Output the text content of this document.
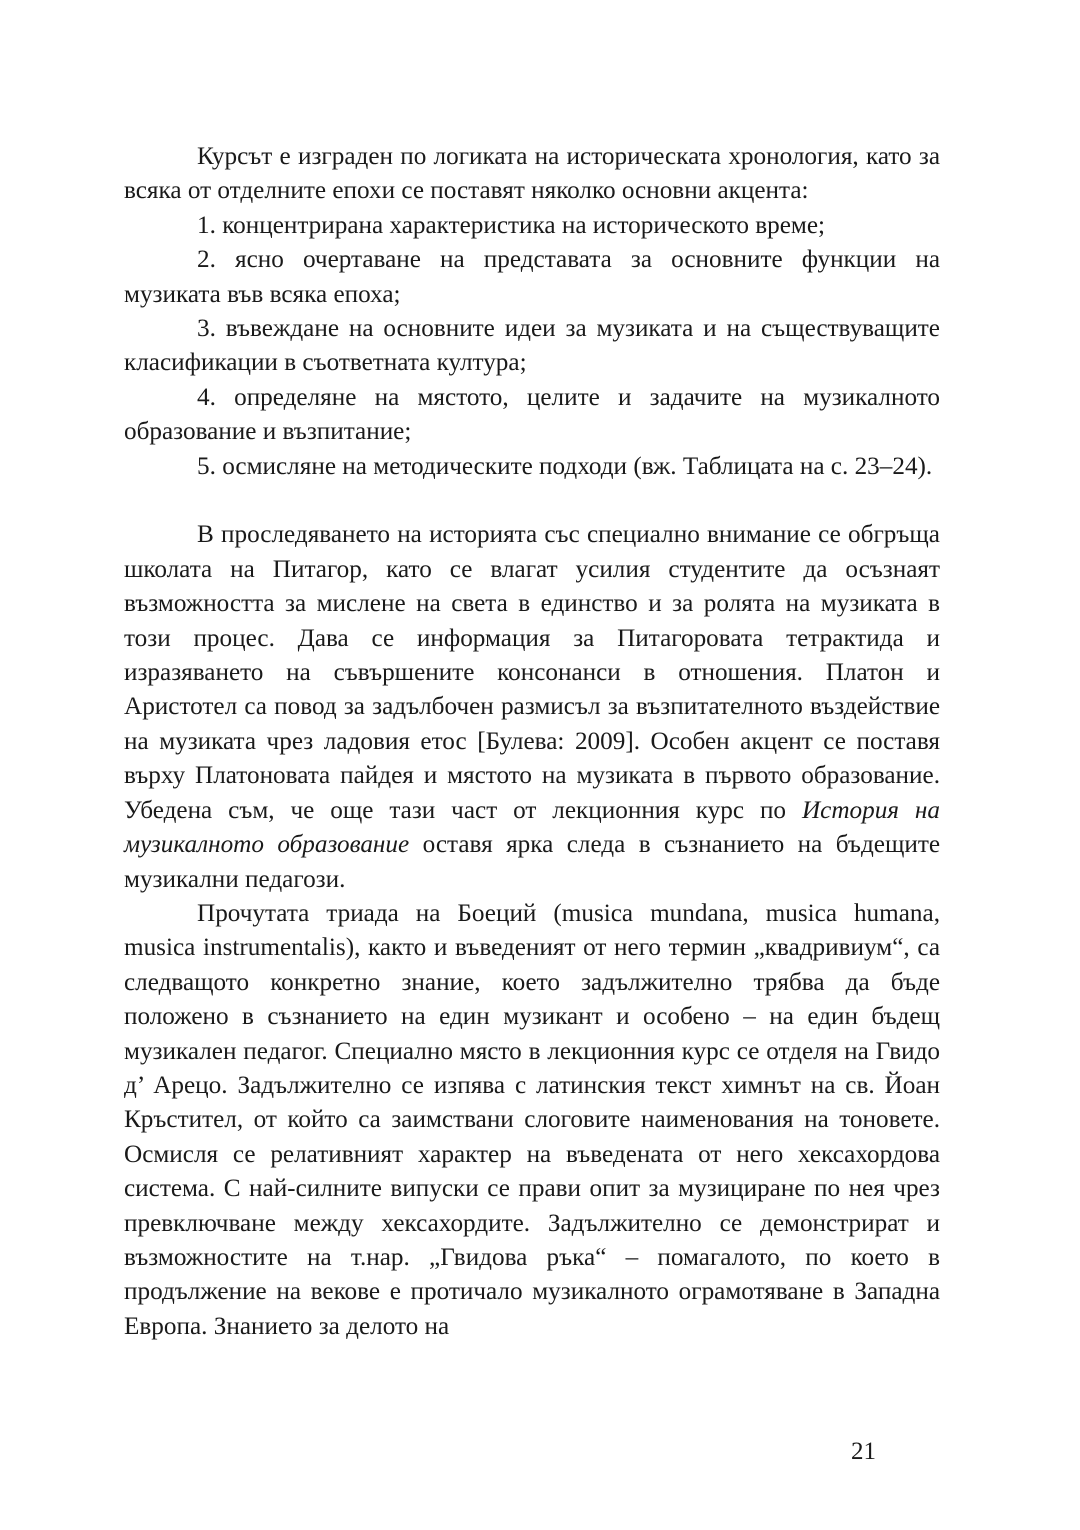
Курсът е изграден по логиката на историческата хронология, като за всяка от отделните епохи се поставят няколко основни акцента:

1. концентрирана характеристика на историческото време;

2. ясно очертаване на представата за основните функции на музиката във всяка епоха;

3. въвеждане на основните идеи за музиката и на съществуващите класификации в съответната култура;

4. определяне на мястото, целите и задачите на музикалното образование и възпитание;

5. осмисляне на методическите подходи (вж. Таблицата на с. 23–24).

В проследяването на историята със специално внимание се обгръща школата на Питагор, като се влагат усилия студентите да осъзнаят възможността за мислене на света в единство и за ролята на музиката в този процес. Дава се информация за Питагоровата тетрактида и изразяването на съвършените консонанси в отношения. Платон и Аристотел са повод за задълбочен размисъл за възпитателното въздействие на музиката чрез ладовия етос [Булева: 2009]. Особен акцент се поставя върху Платоновата пайдея и мястото на музиката в първото образование. Убедена съм, че още тази част от лекционния курс по История на музикалното образование оставя ярка следа в съзнанието на бъдещите музикални педагози.

Прочутата триада на Боеций (musica mundana, musica humana, musica instrumentalis), както и въведеният от него термин „квадривиум“, са следващото конкретно знание, което задължително трябва да бъде положено в съзнанието на един музикант и особено – на един бъдещ музикален педагог. Специално място в лекционния курс се отделя на Гвидо д’ Арецо. Задължително се изпява с латинския текст химнът на св. Йоан Кръстител, от който са заимствани слоговите наименования на тоновете. Осмисля се релативният характер на въведената от него хексахордова система. С най-силните випуски се прави опит за музициране по нея чрез превключване между хексахордите. Задължително се демонстрират и възможностите на т.нар. „Гвидова ръка“ – помагалото, по което в продължение на векове е протичало музикалното ограмотяване в Западна Европа. Знанието за делото на

21
